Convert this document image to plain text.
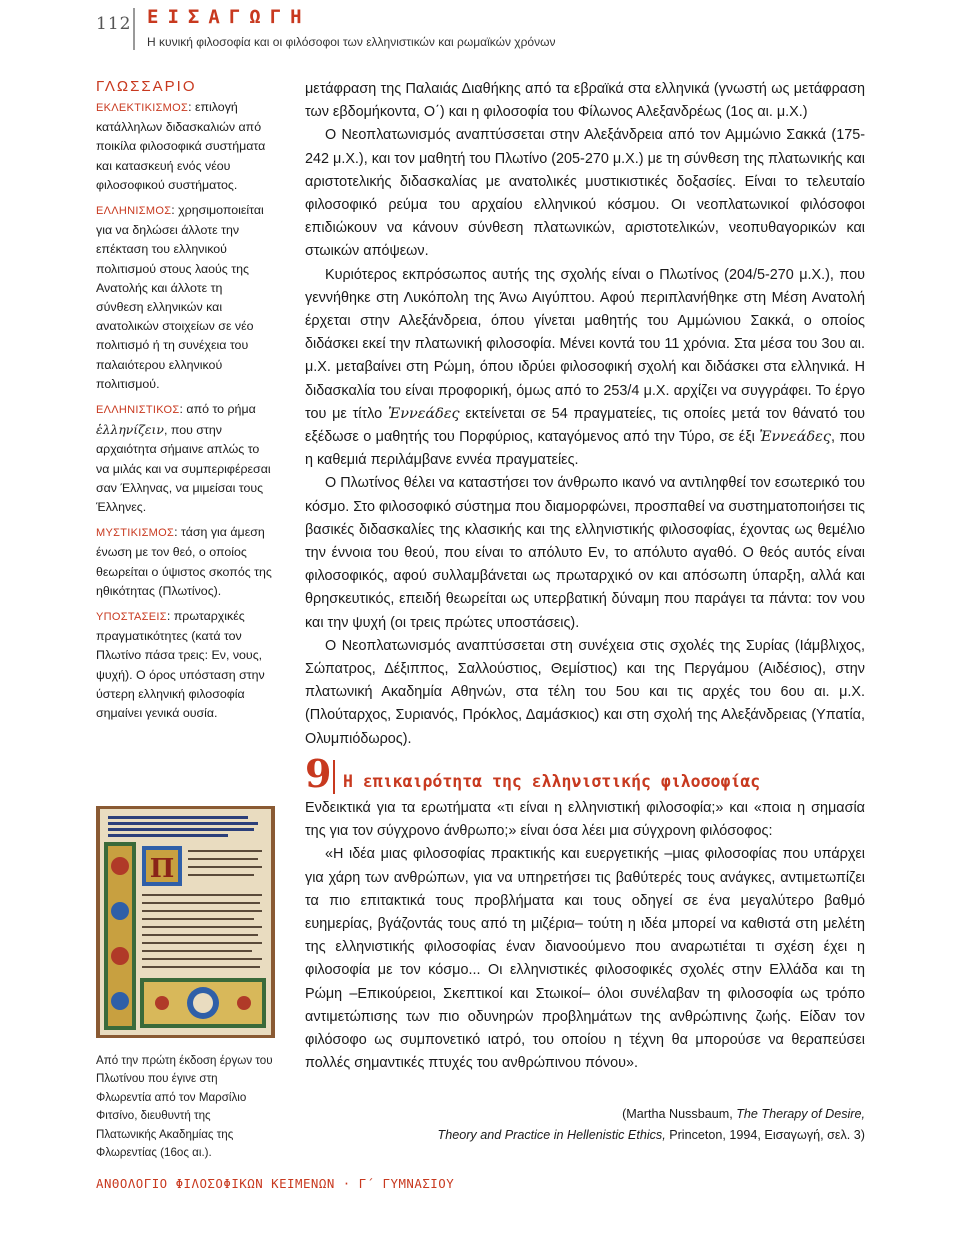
112 ΕΙΣΑΓΩΓΗ
Η κυνική φιλοσοφία και οι φιλόσοφοι των ελληνιστικών και ρωμαϊκών χρόνων
ΓΛΩΣΣΑΡΙΟ
ΕΚΛΕΚΤΙΚΙΣΜΟΣ: επιλογή κατάλληλων διδασκαλιών από ποικίλα φιλοσοφικά συστήματα και κατασκευή ενός νέου φιλοσοφικού συστήματος.
ΕΛΛΗΝΙΣΜΟΣ: χρησιμοποιείται για να δηλώσει άλλοτε την επέκταση του ελληνικού πολιτισμού στους λαούς της Ανατολής και άλλοτε τη σύνθεση ελληνικών και ανατολικών στοιχείων σε νέο πολιτισμό ή τη συνέχεια του παλαιότερου ελληνικού πολιτισμού.
ΕΛΛΗΝΙΣΤΙΚΟΣ: από το ρήμα ἑλληνίζειν, που στην αρχαιότητα σήμαινε απλώς το να μιλάς και να συμπεριφέρεσαι σαν Έλληνας, να μιμείσαι τους Έλληνες.
ΜΥΣΤΙΚΙΣΜΟΣ: τάση για άμεση ένωση με τον θεό, ο οποίος θεωρείται ο ύψιστος σκοπός της ηθικότητας (Πλωτίνος).
ΥΠΟΣΤΑΣΕΙΣ: πρωταρχικές πραγματικότητες (κατά τον Πλωτίνο πάσα τρεις: Εν, νους, ψυχή). Ο όρος υπόσταση στην ύστερη ελληνική φιλοσοφία σημαίνει γενικά ουσία.
Π
Από την πρώτη έκδοση έργων του Πλωτίνου που έγινε στη Φλωρεντία από τον Μαρσίλιο Φιτσίνο, διευθυντή της Πλατωνικής Ακαδημίας της Φλωρεντίας (16ος αι.).

μετάφραση της Παλαιάς Διαθήκης από τα εβραϊκά στα ελληνικά (γνωστή ως μετάφραση των εβδομήκοντα, Ο΄) και η φιλοσοφία του Φίλωνος Αλεξανδρέως (1ος αι. μ.Χ.)

Ο Νεοπλατωνισμός αναπτύσσεται στην Αλεξάνδρεια από τον Αμμώνιο Σακκά (175-242 μ.Χ.), και τον μαθητή του Πλωτίνο (205-270 μ.Χ.) με τη σύνθεση της πλατωνικής και αριστοτελικής διδασκαλίας με ανατολικές μυστικιστικές δοξασίες. Είναι το τελευταίο φιλοσοφικό ρεύμα του αρχαίου ελληνικού κόσμου. Οι νεοπλατωνικοί φιλόσοφοι επιδιώκουν να κάνουν σύνθεση πλατωνικών, αριστοτελικών, νεοπυθαγορικών και στωικών απόψεων.

Κυριότερος εκπρόσωπος αυτής της σχολής είναι ο Πλωτίνος (204/5-270 μ.Χ.), που γεννήθηκε στη Λυκόπολη της Άνω Αιγύπτου. Αφού περιπλανήθηκε στη Μέση Ανατολή έρχεται στην Αλεξάνδρεια, όπου γίνεται μαθητής του Αμμώνιου Σακκά, ο οποίος διδάσκει εκεί την πλατωνική φιλοσοφία. Μένει κοντά του 11 χρόνια. Στα μέσα του 3ου αι. μ.Χ. μεταβαίνει στη Ρώμη, όπου ιδρύει φιλοσοφική σχολή και διδάσκει στα ελληνικά. Η διδασκαλία του είναι προφορική, όμως από το 253/4 μ.Χ. αρχίζει να συγγράφει. Το έργο του με τίτλο Ἐννεάδες εκτείνεται σε 54 πραγματείες, τις οποίες μετά τον θάνατό του εξέδωσε ο μαθητής του Πορφύριος, καταγόμενος από την Τύρο, σε έξι Ἐννεάδες, που η καθεμιά περιλάμβανε εννέα πραγματείες.

Ο Πλωτίνος θέλει να καταστήσει τον άνθρωπο ικανό να αντιληφθεί τον εσωτερικό του κόσμο. Στο φιλοσοφικό σύστημα που διαμορφώνει, προσπαθεί να συστηματοποιήσει τις βασικές διδασκαλίες της κλασικής και της ελληνιστικής φιλοσοφίας, έχοντας ως θεμέλιο την έννοια του θεού, που είναι το απόλυτο Εν, το απόλυτο αγαθό. Ο θεός αυτός είναι φιλοσοφικός, αφού συλλαμβάνεται ως πρωταρχικό ον και απόσωπη ύπαρξη, αλλά και θρησκευτικός, επειδή θεωρείται ως υπερβατική δύναμη που παράγει τα πάντα: τον νου και την ψυχή (οι τρεις πρώτες υποστάσεις).

Ο Νεοπλατωνισμός αναπτύσσεται στη συνέχεια στις σχολές της Συρίας (Ιάμβλιχος, Σώπατρος, Δέξιππος, Σαλλούστιος, Θεμίστιος) και της Περγάμου (Αιδέσιος), στην πλατωνική Ακαδημία Αθηνών, στα τέλη του 5ου και τις αρχές του 6ου αι. μ.Χ. (Πλούταρχος, Συριανός, Πρόκλος, Δαμάσκιος) και στη σχολή της Αλεξάνδρειας (Υπατία, Ολυμπιόδωρος).

9 Η επικαιρότητα της ελληνιστικής φιλοσοφίας

Ενδεικτικά για τα ερωτήματα «τι είναι η ελληνιστική φιλοσοφία;» και «ποια η σημασία της για τον σύγχρονο άνθρωπο;» είναι όσα λέει μια σύγχρονη φιλόσοφος:

«Η ιδέα μιας φιλοσοφίας πρακτικής και ευεργετικής –μιας φιλοσοφίας που υπάρχει για χάρη των ανθρώπων, για να υπηρετήσει τις βαθύτερές τους ανάγκες, αντιμετωπίζει τα πιο επιτακτικά τους προβλήματα και τους οδηγεί σε ένα μεγαλύτερο βαθμό ευημερίας, βγάζοντάς τους από τη μιζέρια– τούτη η ιδέα μπορεί να καθιστά στη μελέτη της ελληνιστικής φιλοσοφίας έναν διανοούμενο που αναρωτιέται τι σχέση έχει η φιλοσοφία με τον κόσμο... Οι ελληνιστικές φιλοσοφικές σχολές στην Ελλάδα και τη Ρώμη –Επικούρειοι, Σκεπτικοί και Στωικοί– όλοι συνέλαβαν τη φιλοσοφία ως τρόπο αντιμετώπισης των πιο οδυνηρών προβλημάτων της ανθρώπινης ζωής. Είδαν τον φιλόσοφο ως συμπονετικό ιατρό, του οποίου η τέχνη θα μπορούσε να θεραπεύσει πολλές σημαντικές πτυχές του ανθρώπινου πόνου».

(Martha Nussbaum, The Therapy of Desire,
Theory and Practice in Hellenistic Ethics, Princeton, 1994, Εισαγωγή, σελ. 3)
ΑΝΘΟΛΟΓΙΟ ΦΙΛΟΣΟΦΙΚΩΝ ΚΕΙΜΕΝΩΝ · Γ΄ ΓΥΜΝΑΣΙΟΥ
